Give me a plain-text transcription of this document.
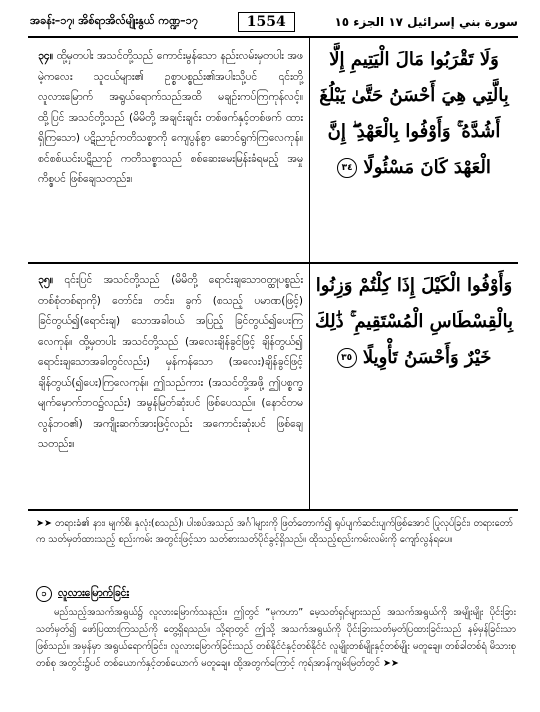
အခန်း–၁၇၊ အိစ်ရာအိလ်မျိုးနွယ် ကဏ္ဍ–၁၇	1554	سورة بني إسرائيل ١٧ الجزء ١٥
၃၄။ ထို့မှတပါး အသင်တို့သည် ကောင်းမွန်သော နည်းလမ်းမှတပါး အဖမဲ့ကလေး သူငယ်များ၏ ဥစ္စာပစ္စည်း၏အပါးသို့ပင် ၎င်းတို့ လူလားမြောက် အရွယ်ရောက်သည်အထိ မချဉ်းကပ်ကြကုန်လင့်။ ထို့ပြင် အသင်တို့သည် (မိမိတို့ အချင်းချင်း တစ်ဖက်နှင့်တစ်ဖက် ထားရှိကြသော) ပဋိညာဉ်ကတိသစ္စာကို ကျေပွန်စွာ ဆောင်ရွက်ကြလေကုန်။ စင်စစ်ယင်းပဋိညာဉ် ကတိသစ္စာသည် စစ်ဆေးမေးမြန်းခံရမည့် အမှုကိစ္စပင် ဖြစ်ချေသတည်း။
وَلَا تَقْرَبُوا مَالَ الْيَتِيمِ إِلَّا بِالَّتِي هِيَ أَحْسَنُ حَتَّىٰ يَبْلُغَ أَشُدَّهُ ۚ وَأَوْفُوا بِالْعَهْدِ ۖ إِنَّ الْعَهْدَ كَانَ مَسْئُولًا ٣٤
၃၅။ ၎င်းပြင် အသင်တို့သည် (မိမိတို့ ရောင်းချသော၀တ္ထုပစ္စည်း တစ်စုံတစ်ရာကို) တော်င်း၊ တင်း၊ ခွက် (စသည့် ပမာဏ(ဖြင့်) ခြင်တွယ်၍(ရောင်းချ) သောအခါ၀ယ် အပြည့် ခြင်တွယ်၍ပေးကြလေကုန်။ ထို့မှတပါး အသင်တို့သည် (အလေးချိန်ခွင်ဖြင့် ချိန်တွယ်၍ ရောင်းချသောအခါတွင်လည်း) မှန်ကန်သော (အလေး)ချိန်ခွင်ဖြင့် ချိန်တွယ်(၍ပေး)ကြလေကုန်။ ဤသည်ကား (အသင်တို့အဖို့ ဤပစ္စက္ခမျက်မှောက်ဘ၀၌လည်း) အမွန်မြတ်ဆုံးပင် ဖြစ်ပေသည်။ (နောင်တမလွန်ဘ၀၏) အကျိုးဆက်အားဖြင့်လည်း အကောင်းဆုံးပင် ဖြစ်ချေသတည်း။
وَأَوْفُوا الْكَيْلَ إِذَا كِلْتُمْ وَزِنُوا بِالْقِسْطَاسِ الْمُسْتَقِيمِ ۚ ذَٰلِكَ خَيْرٌ وَأَحْسَنُ تَأْوِيلًا ٣٥
➤➤ တရားခံ၏ နား၊ မျက်စိ၊ နှလုံး(စသည်)၊ ပါးစပ်အသည် အင်္ဂါများကို ဖြတ်တောက်၍ ရုပ်ပျက်ဆင်းပျက်ဖြစ်အောင် ပြုလုပ်ခြင်း၊ တရားတော်က သတ်မှတ်ထားသည့် စည်းကမ်း အတွင်းဖြင့်သာ သတ်စားသတ်ပိုင်ခွင့်ရှိသည်။ ထိုသည့်စည်းကမ်းလမ်းကို ကျော်လွန်ရပေ။
၁	လူလားမြောက်ခြင်း
မည်သည့်အသက်အရွယ်၌ လူလားမြောက်သနည်း။ ဤတွင် “မုကဟာ” မေ့သတ်ရှင်များသည် အသက်အရွယ်ကို အမျိုးမျိုး ပိုင်းခြားသတ်မှတ်၍ ဖော်ပြထားကြသည်ကို တွေ့ရှိရသည်။ သို့ရာတွင် ဤသို့ အသက်အရွယ်ကို ပိုင်းခြားသတ်မှတ်ပြထားခြင်းသည် နမ့်မှန်ခြင်းသာဖြစ်သည်။ အမှန်မှာ အရွယ်ရောက်ခြင်း၊ လူလားမြောက်ခြင်းသည် တစ်နိုင်ငံနှင့်တစ်နိုင်ငံ လူမျိုးတစ်မျိုးနှင့်တစ်မျိုး မတူချေ။ တစ်ခါတစ်ရံ မိသားစုတစ်စု အတွင်း၌ပင် တစ်ယောက်နှင့်တစ်ယောက် မတူချေ။ ထို့အတွက်ကြောင့် ကုရ်အာန်ကျမ်းမြတ်တွင် ➤➤
